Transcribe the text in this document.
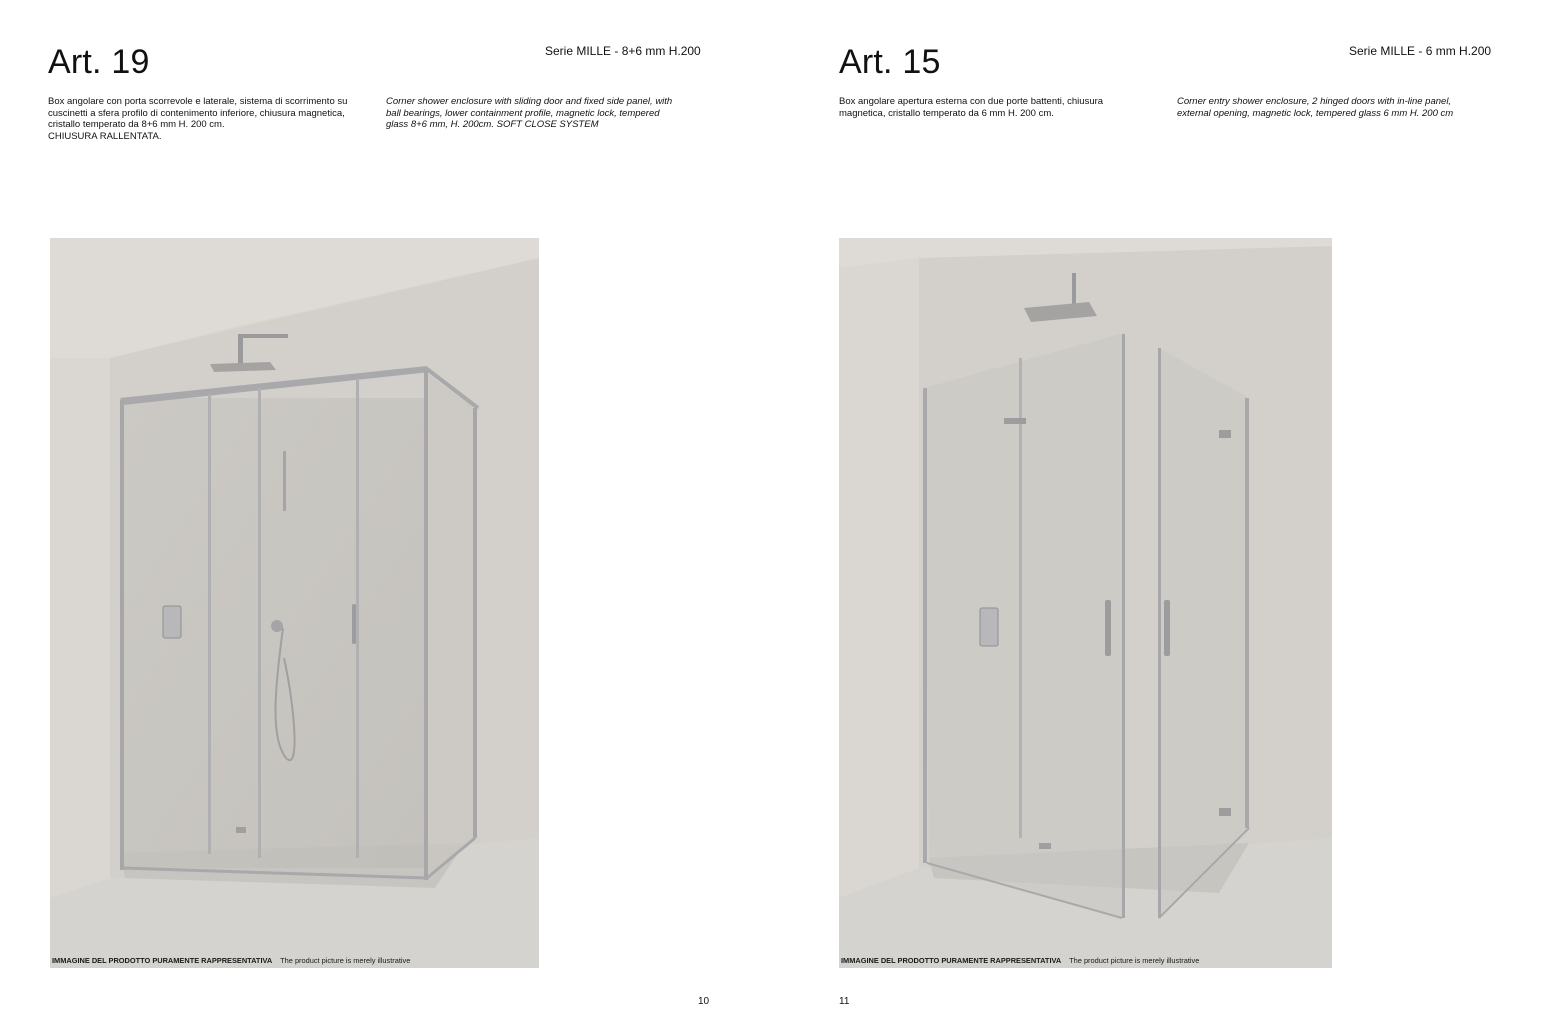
Art. 19	Serie MILLE - 8+6 mm H.200

Box angolare con porta scorrevole e laterale, sistema di scorrimento su
cuscinetti a sfera profilo di contenimento inferiore, chiusura magnetica,
cristallo temperato da 8+6 mm H. 200 cm.
CHIUSURA RALLENTATA.

Corner shower enclosure with sliding door and fixed side panel, with
ball bearings, lower containment profile, magnetic lock, tempered
glass 8+6 mm, H. 200cm. SOFT CLOSE SYSTEM

IMMAGINE DEL PRODOTTO PURAMENTE RAPPRESENTATIVA The product picture is merely illustrative
10
Art. 15	Serie MILLE - 6 mm H.200

Box angolare apertura esterna con due porte battenti, chiusura
magnetica, cristallo temperato da 6 mm H. 200 cm.

Corner entry shower enclosure, 2 hinged doors with in-line panel,
external opening, magnetic lock, tempered glass 6 mm H. 200 cm

IMMAGINE DEL PRODOTTO PURAMENTE RAPPRESENTATIVA The product picture is merely illustrative
11
